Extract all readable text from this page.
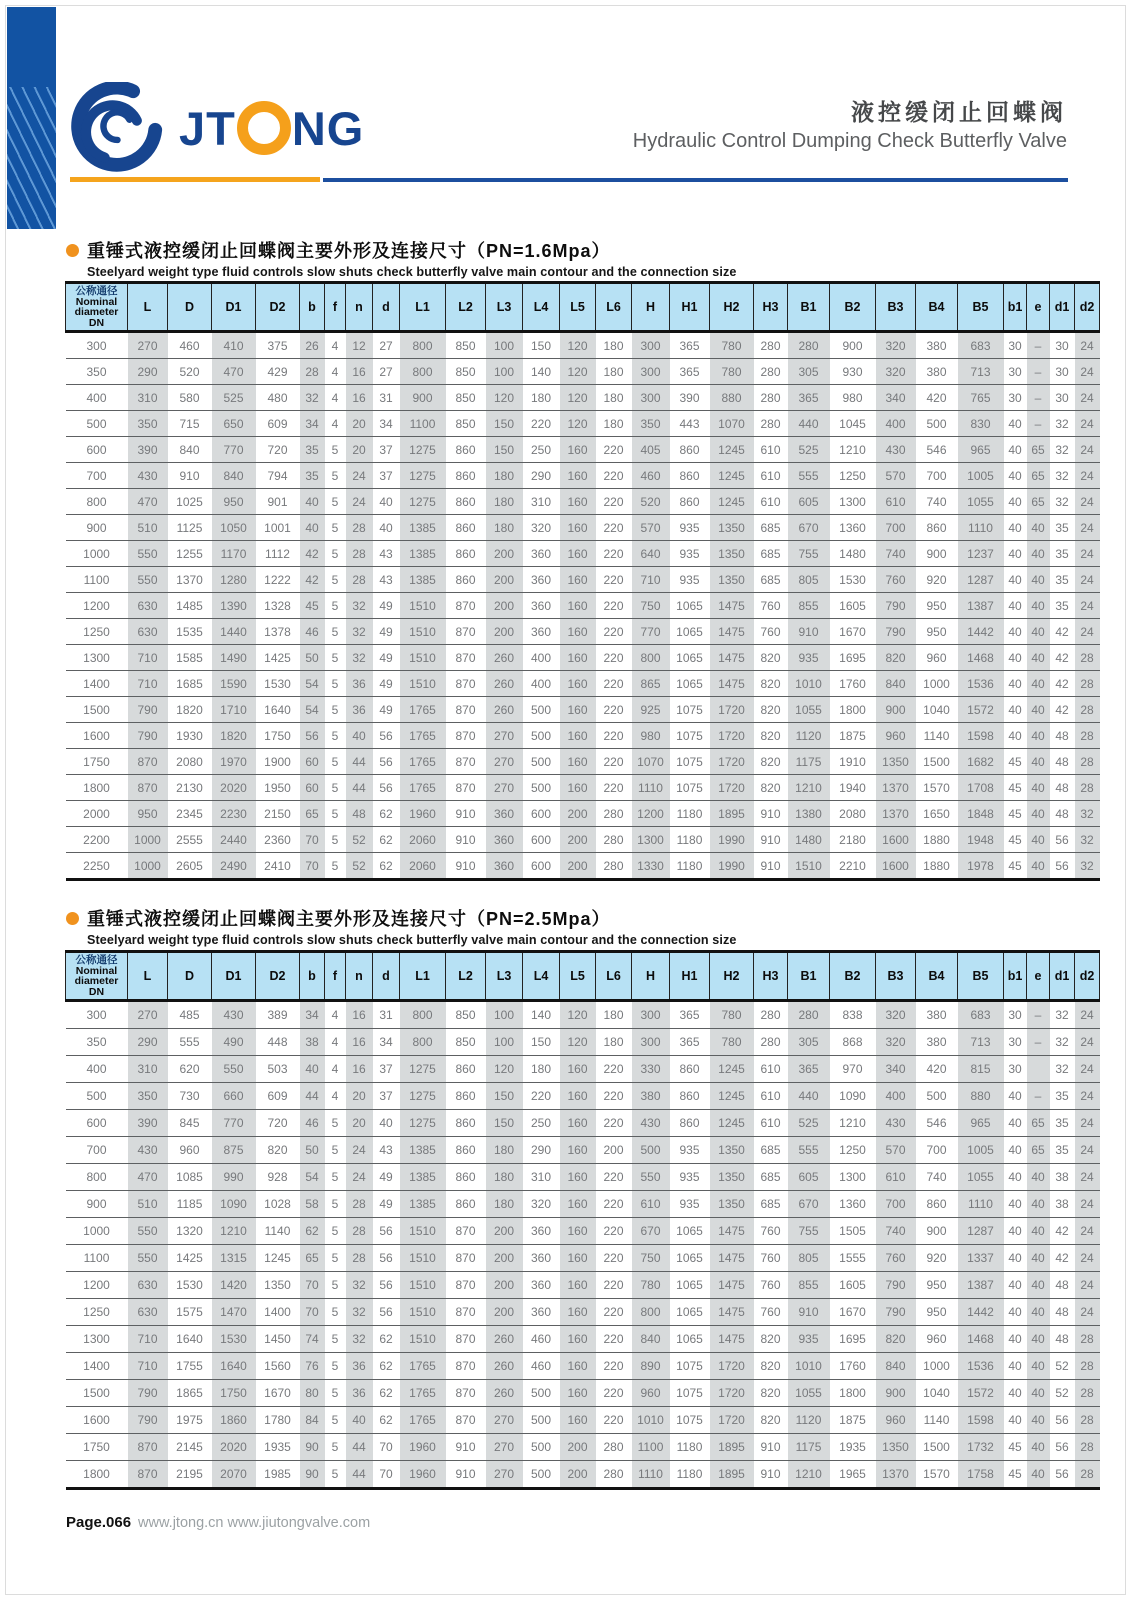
JT NG	液控缓闭止回蝶阀
Hydraulic Control Dumping Check Butterfly Valve
重锤式液控缓闭止回蝶阀主要外形及连接尺寸（PN=1.6Mpa）
Steelyard weight type fluid controls slow shuts check butterfly valve main contour and the connection size
公称通径
Nominal
diameter
DN	L	D	D1	D2	b	f	n	d	L1	L2	L3	L4	L5	L6	H	H1	H2	H3	B1	B2	B3	B4	B5	b1	e	d1	d2
300	270	460	410	375	26	4	12	27	800	850	100	150	120	180	300	365	780	280	280	900	320	380	683	30	–	30	24
350	290	520	470	429	28	4	16	27	800	850	100	140	120	180	300	365	780	280	305	930	320	380	713	30	–	30	24
400	310	580	525	480	32	4	16	31	900	850	120	180	120	180	300	390	880	280	365	980	340	420	765	30	–	30	24
500	350	715	650	609	34	4	20	34	1100	850	150	220	120	180	350	443	1070	280	440	1045	400	500	830	40	–	32	24
600	390	840	770	720	35	5	20	37	1275	860	150	250	160	220	405	860	1245	610	525	1210	430	546	965	40	65	32	24
700	430	910	840	794	35	5	24	37	1275	860	180	290	160	220	460	860	1245	610	555	1250	570	700	1005	40	65	32	24
800	470	1025	950	901	40	5	24	40	1275	860	180	310	160	220	520	860	1245	610	605	1300	610	740	1055	40	65	32	24
900	510	1125	1050	1001	40	5	28	40	1385	860	180	320	160	220	570	935	1350	685	670	1360	700	860	1110	40	40	35	24
1000	550	1255	1170	1112	42	5	28	43	1385	860	200	360	160	220	640	935	1350	685	755	1480	740	900	1237	40	40	35	24
1100	550	1370	1280	1222	42	5	28	43	1385	860	200	360	160	220	710	935	1350	685	805	1530	760	920	1287	40	40	35	24
1200	630	1485	1390	1328	45	5	32	49	1510	870	200	360	160	220	750	1065	1475	760	855	1605	790	950	1387	40	40	35	24
1250	630	1535	1440	1378	46	5	32	49	1510	870	200	360	160	220	770	1065	1475	760	910	1670	790	950	1442	40	40	42	24
1300	710	1585	1490	1425	50	5	32	49	1510	870	260	400	160	220	800	1065	1475	820	935	1695	820	960	1468	40	40	42	28
1400	710	1685	1590	1530	54	5	36	49	1510	870	260	400	160	220	865	1065	1475	820	1010	1760	840	1000	1536	40	40	42	28
1500	790	1820	1710	1640	54	5	36	49	1765	870	260	500	160	220	925	1075	1720	820	1055	1800	900	1040	1572	40	40	42	28
1600	790	1930	1820	1750	56	5	40	56	1765	870	270	500	160	220	980	1075	1720	820	1120	1875	960	1140	1598	40	40	48	28
1750	870	2080	1970	1900	60	5	44	56	1765	870	270	500	160	220	1070	1075	1720	820	1175	1910	1350	1500	1682	45	40	48	28
1800	870	2130	2020	1950	60	5	44	56	1765	870	270	500	160	220	1110	1075	1720	820	1210	1940	1370	1570	1708	45	40	48	28
2000	950	2345	2230	2150	65	5	48	62	1960	910	360	600	200	280	1200	1180	1895	910	1380	2080	1370	1650	1848	45	40	48	32
2200	1000	2555	2440	2360	70	5	52	62	2060	910	360	600	200	280	1300	1180	1990	910	1480	2180	1600	1880	1948	45	40	56	32
2250	1000	2605	2490	2410	70	5	52	62	2060	910	360	600	200	280	1330	1180	1990	910	1510	2210	1600	1880	1978	45	40	56	32
重锤式液控缓闭止回蝶阀主要外形及连接尺寸（PN=2.5Mpa）
Steelyard weight type fluid controls slow shuts check butterfly valve main contour and the connection size
公称通径
Nominal
diameter
DN	L	D	D1	D2	b	f	n	d	L1	L2	L3	L4	L5	L6	H	H1	H2	H3	B1	B2	B3	B4	B5	b1	e	d1	d2
300	270	485	430	389	34	4	16	31	800	850	100	140	120	180	300	365	780	280	280	838	320	380	683	30	–	32	24
350	290	555	490	448	38	4	16	34	800	850	100	150	120	180	300	365	780	280	305	868	320	380	713	30	–	32	24
400	310	620	550	503	40	4	16	37	1275	860	120	180	160	220	330	860	1245	610	365	970	340	420	815	30		32	24
500	350	730	660	609	44	4	20	37	1275	860	150	220	160	220	380	860	1245	610	440	1090	400	500	880	40	–	35	24
600	390	845	770	720	46	5	20	40	1275	860	150	250	160	220	430	860	1245	610	525	1210	430	546	965	40	65	35	24
700	430	960	875	820	50	5	24	43	1385	860	180	290	160	200	500	935	1350	685	555	1250	570	700	1005	40	65	35	24
800	470	1085	990	928	54	5	24	49	1385	860	180	310	160	220	550	935	1350	685	605	1300	610	740	1055	40	40	38	24
900	510	1185	1090	1028	58	5	28	49	1385	860	180	320	160	220	610	935	1350	685	670	1360	700	860	1110	40	40	38	24
1000	550	1320	1210	1140	62	5	28	56	1510	870	200	360	160	220	670	1065	1475	760	755	1505	740	900	1287	40	40	42	24
1100	550	1425	1315	1245	65	5	28	56	1510	870	200	360	160	220	750	1065	1475	760	805	1555	760	920	1337	40	40	42	24
1200	630	1530	1420	1350	70	5	32	56	1510	870	200	360	160	220	780	1065	1475	760	855	1605	790	950	1387	40	40	48	24
1250	630	1575	1470	1400	70	5	32	56	1510	870	200	360	160	220	800	1065	1475	760	910	1670	790	950	1442	40	40	48	24
1300	710	1640	1530	1450	74	5	32	62	1510	870	260	460	160	220	840	1065	1475	820	935	1695	820	960	1468	40	40	48	28
1400	710	1755	1640	1560	76	5	36	62	1765	870	260	460	160	220	890	1075	1720	820	1010	1760	840	1000	1536	40	40	52	28
1500	790	1865	1750	1670	80	5	36	62	1765	870	260	500	160	220	960	1075	1720	820	1055	1800	900	1040	1572	40	40	52	28
1600	790	1975	1860	1780	84	5	40	62	1765	870	270	500	160	220	1010	1075	1720	820	1120	1875	960	1140	1598	40	40	56	28
1750	870	2145	2020	1935	90	5	44	70	1960	910	270	500	200	280	1100	1180	1895	910	1175	1935	1350	1500	1732	45	40	56	28
1800	870	2195	2070	1985	90	5	44	70	1960	910	270	500	200	280	1110	1180	1895	910	1210	1965	1370	1570	1758	45	40	56	28
Page.066 www.jtong.cn www.jiutongvalve.com
